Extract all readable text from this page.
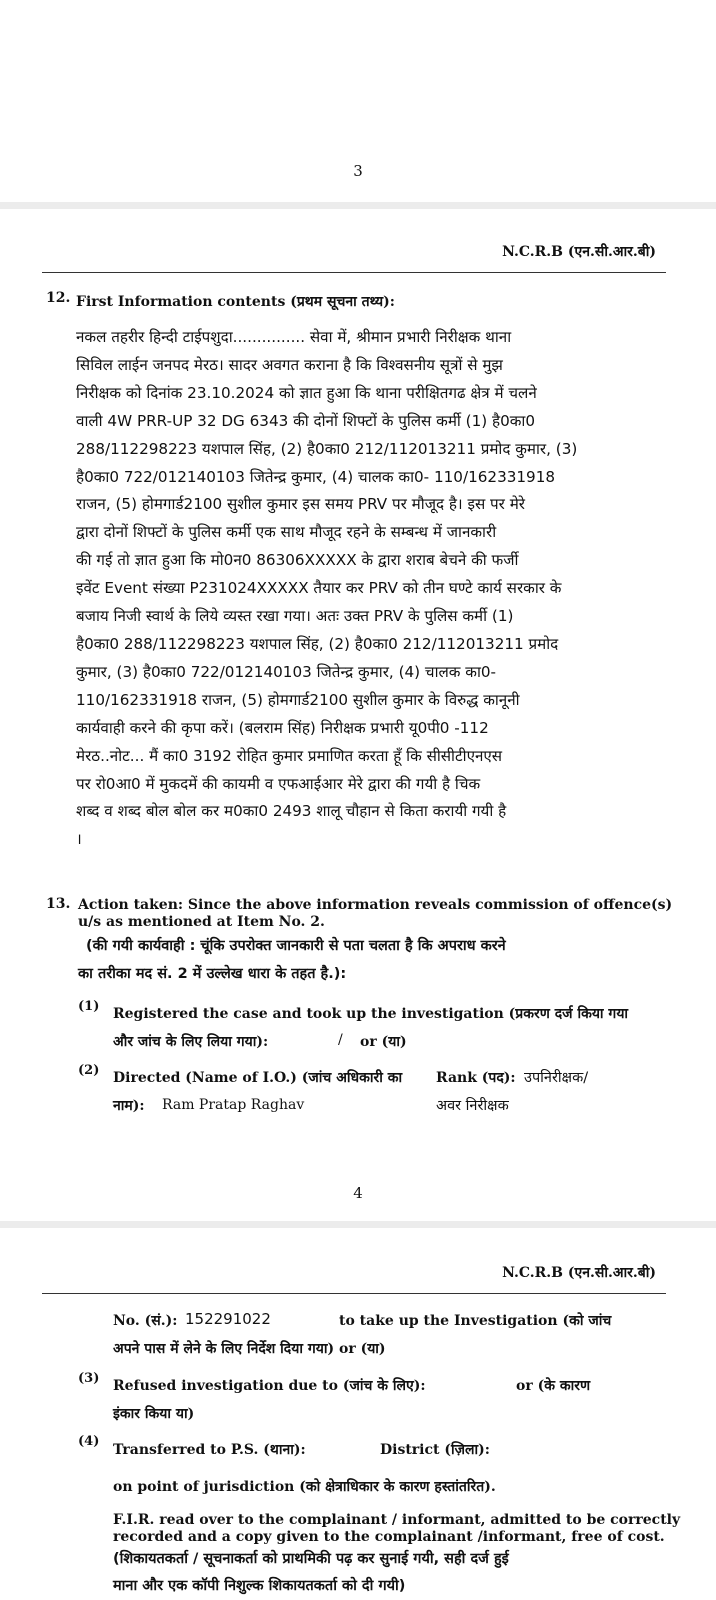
3
N.C.R.B (एन.सी.आर.बी)
12. First Information contents (प्रथम सूचना तथ्य):
नकल तहरीर हिन्दी टाईपशुदा............... सेवा में, श्रीमान प्रभारी निरीक्षक थाना
सिविल लाईन जनपद मेरठ। सादर अवगत कराना है कि विश्वसनीय सूत्रों से मुझ
निरीक्षक को दिनांक 23.10.2024 को ज्ञात हुआ कि थाना परीक्षितगढ क्षेत्र में चलने
वाली 4W PRR-UP 32 DG 6343 की दोनों शिफ्टों के पुलिस कर्मी (1) है0का0
288/112298223 यशपाल सिंह, (2) है0का0 212/112013211 प्रमोद कुमार, (3)
है0का0 722/012140103 जितेन्द्र कुमार, (4) चालक का0- 110/162331918
राजन, (5) होमगार्ड2100 सुशील कुमार इस समय PRV पर मौजूद है। इस पर मेरे
द्वारा दोनों शिफ्टों के पुलिस कर्मी एक साथ मौजूद रहने के सम्बन्ध में जानकारी
की गई तो ज्ञात हुआ कि मो0न0 86306XXXXX के द्वारा शराब बेचने की फर्जी
इवेंट Event संख्या P231024XXXXX तैयार कर PRV को तीन घण्टे कार्य सरकार के
बजाय निजी स्वार्थ के लिये व्यस्त रखा गया। अतः उक्त PRV के पुलिस कर्मी (1)
है0का0 288/112298223 यशपाल सिंह, (2) है0का0 212/112013211 प्रमोद
कुमार, (3) है0का0 722/012140103 जितेन्द्र कुमार, (4) चालक का0-
110/162331918 राजन, (5) होमगार्ड2100 सुशील कुमार के विरुद्ध कानूनी
कार्यवाही करने की कृपा करें। (बलराम सिंह) निरीक्षक प्रभारी यू0पी0 -112
मेरठ..नोट... मैं का0 3192 रोहित कुमार प्रमाणित करता हूँ कि सीसीटीएनएस
पर रो0आ0 में मुकदमें की कायमी व एफआईआर मेरे द्वारा की गयी है चिक
शब्द व शब्द बोल बोल कर म0का0 2493 शालू चौहान से किता करायी गयी है
।
13. Action taken: Since the above information reveals commission of offence(s)
u/s as mentioned at Item No. 2.
(की गयी कार्यवाही : चूंकि उपरोक्त जानकारी से पता चलता है कि अपराध करने
का तरीका मद सं. 2 में उल्लेख धारा के तहत है.):
(1) Registered the case and took up the investigation (प्रकरण दर्ज किया गया
और जांच के लिए लिया गया):	/ or (या)
(2) Directed (Name of I.O.) (जांच अधिकारी का
नाम): Ram Pratap Raghav
Rank (पद): उपनिरीक्षक/
अवर निरीक्षक
4
N.C.R.B (एन.सी.आर.बी)
No. (सं.): 152291022	to take up the Investigation (को जांच
अपने पास में लेने के लिए निर्देश दिया गया) or (या)
(3) Refused investigation due to (जांच के लिए):	or (के कारण
इंकार किया या)
(4)
Transferred to P.S. (थाना):	District (ज़िला):
on point of jurisdiction (को क्षेत्राधिकार के कारण हस्तांतरित).
F.I.R. read over to the complainant / informant, admitted to be correctly
recorded and a copy given to the complainant /informant, free of cost.
(शिकायतकर्ता / सूचनाकर्ता को प्राथमिकी पढ़ कर सुनाई गयी, सही दर्ज हुई
माना और एक कॉपी निशुल्क शिकायतकर्ता को दी गयी)
